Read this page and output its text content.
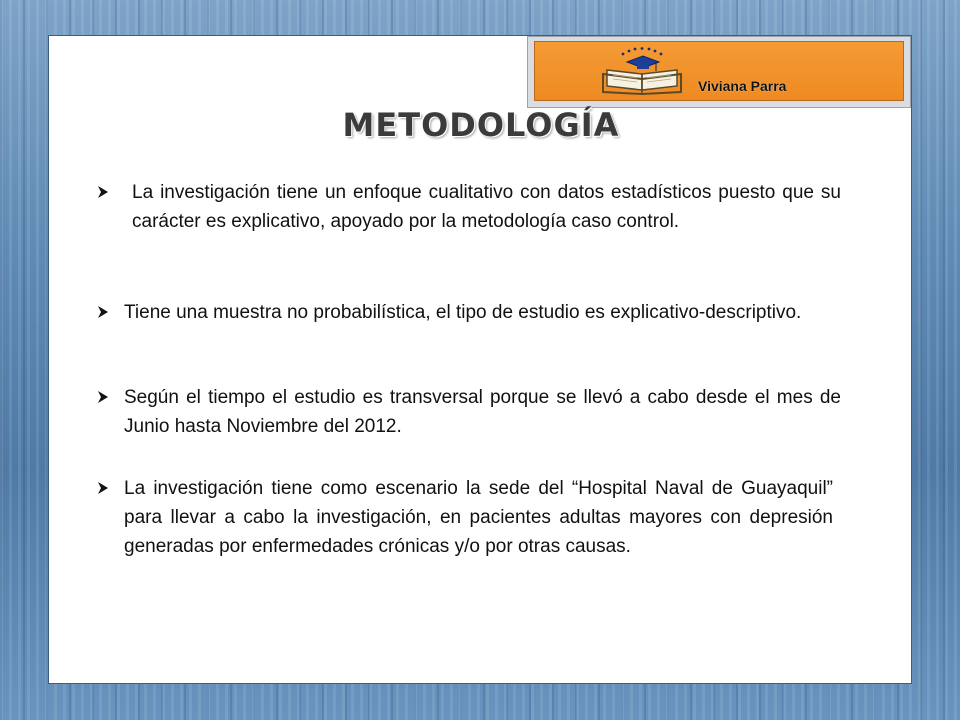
Viviana Parra
METODOLOGÍA
La investigación tiene un enfoque cualitativo con datos estadísticos puesto que su carácter es explicativo, apoyado por la metodología caso control.
Tiene una muestra no probabilística, el tipo de estudio es explicativo-descriptivo.
Según el tiempo el estudio es transversal porque se llevó a cabo desde el mes de Junio hasta Noviembre del 2012.
La investigación tiene como escenario la sede del “Hospital Naval de Guayaquil” para llevar a cabo la investigación, en pacientes adultas mayores con depresión generadas por enfermedades crónicas y/o por otras causas.
